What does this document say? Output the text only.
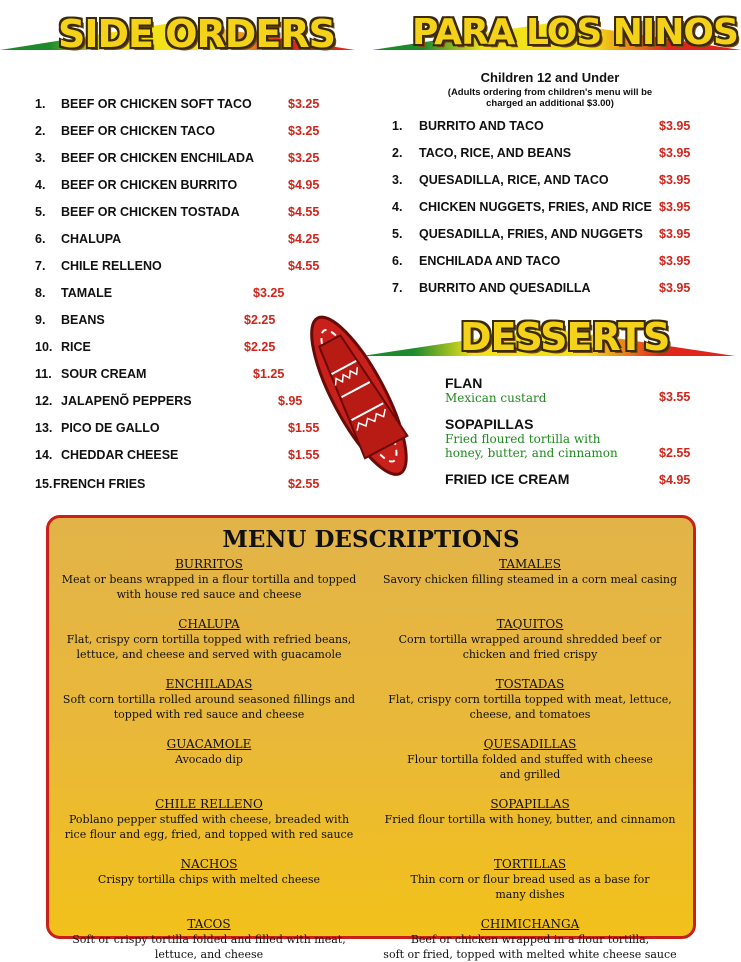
SIDE ORDERS PARA LOS NINOS
1. BEEF OR CHICKEN SOFT TACO	$3.25
2. BEEF OR CHICKEN TACO	$3.25
3. BEEF OR CHICKEN ENCHILADA	$3.25
4. BEEF OR CHICKEN BURRITO	$4.95
5. BEEF OR CHICKEN TOSTADA	$4.55
6. CHALUPA	$4.25
7. CHILE RELLENO	$4.55
8. TAMALE	$3.25
9. BEANS	$2.25
10. RICE	$2.25
11. SOUR CREAM	$1.25
12. JALAPENÕ PEPPERS	$.95
13. PICO DE GALLO	$1.55
14. CHEDDAR CHEESE	$1.55
15. FRENCH FRIES	$2.55
Children 12 and Under
(Adults ordering from children's menu will be
charged an additional $3.00)
1. BURRITO AND TACO	$3.95
2. TACO, RICE, AND BEANS	$3.95
3. QUESADILLA, RICE, AND TACO	$3.95
4. CHICKEN NUGGETS, FRIES, AND RICE $3.95
5. QUESADILLA, FRIES, AND NUGGETS $3.95
6. ENCHILADA AND TACO	$3.95
7. BURRITO AND QUESADILLA	$3.95
DESSERTS
FLAN
Mexican custard	$3.55
SOPAPILLAS
Fried floured tortilla with
honey, butter, and cinnamon	$2.55
FRIED ICE CREAM	$4.95
MENU DESCRIPTIONS
BURRITOS
Meat or beans wrapped in a flour tortilla and topped
with house red sauce and cheese
CHALUPA
Flat, crispy corn tortilla topped with refried beans,
lettuce, and cheese and served with guacamole
ENCHILADAS
Soft corn tortilla rolled around seasoned fillings and
topped with red sauce and cheese
GUACAMOLE
Avocado dip
CHILE RELLENO
Poblano pepper stuffed with cheese, breaded with
rice flour and egg, fried, and topped with red sauce
NACHOS
Crispy tortilla chips with melted cheese
TACOS
Soft or crispy tortilla folded and filled with meat,
lettuce, and cheese
TAMALES
Savory chicken filling steamed in a corn meal casing
TAQUITOS
Corn tortilla wrapped around shredded beef or
chicken and fried crispy
TOSTADAS
Flat, crispy corn tortilla topped with meat, lettuce,
cheese, and tomatoes
QUESADILLAS
Flour tortilla folded and stuffed with cheese
and grilled
SOPAPILLAS
Fried flour tortilla with honey, butter, and cinnamon
TORTILLAS
Thin corn or flour bread used as a base for
many dishes
CHIMICHANGA
Beef or chicken wrapped in a flour tortilla,
soft or fried, topped with melted white cheese sauce
